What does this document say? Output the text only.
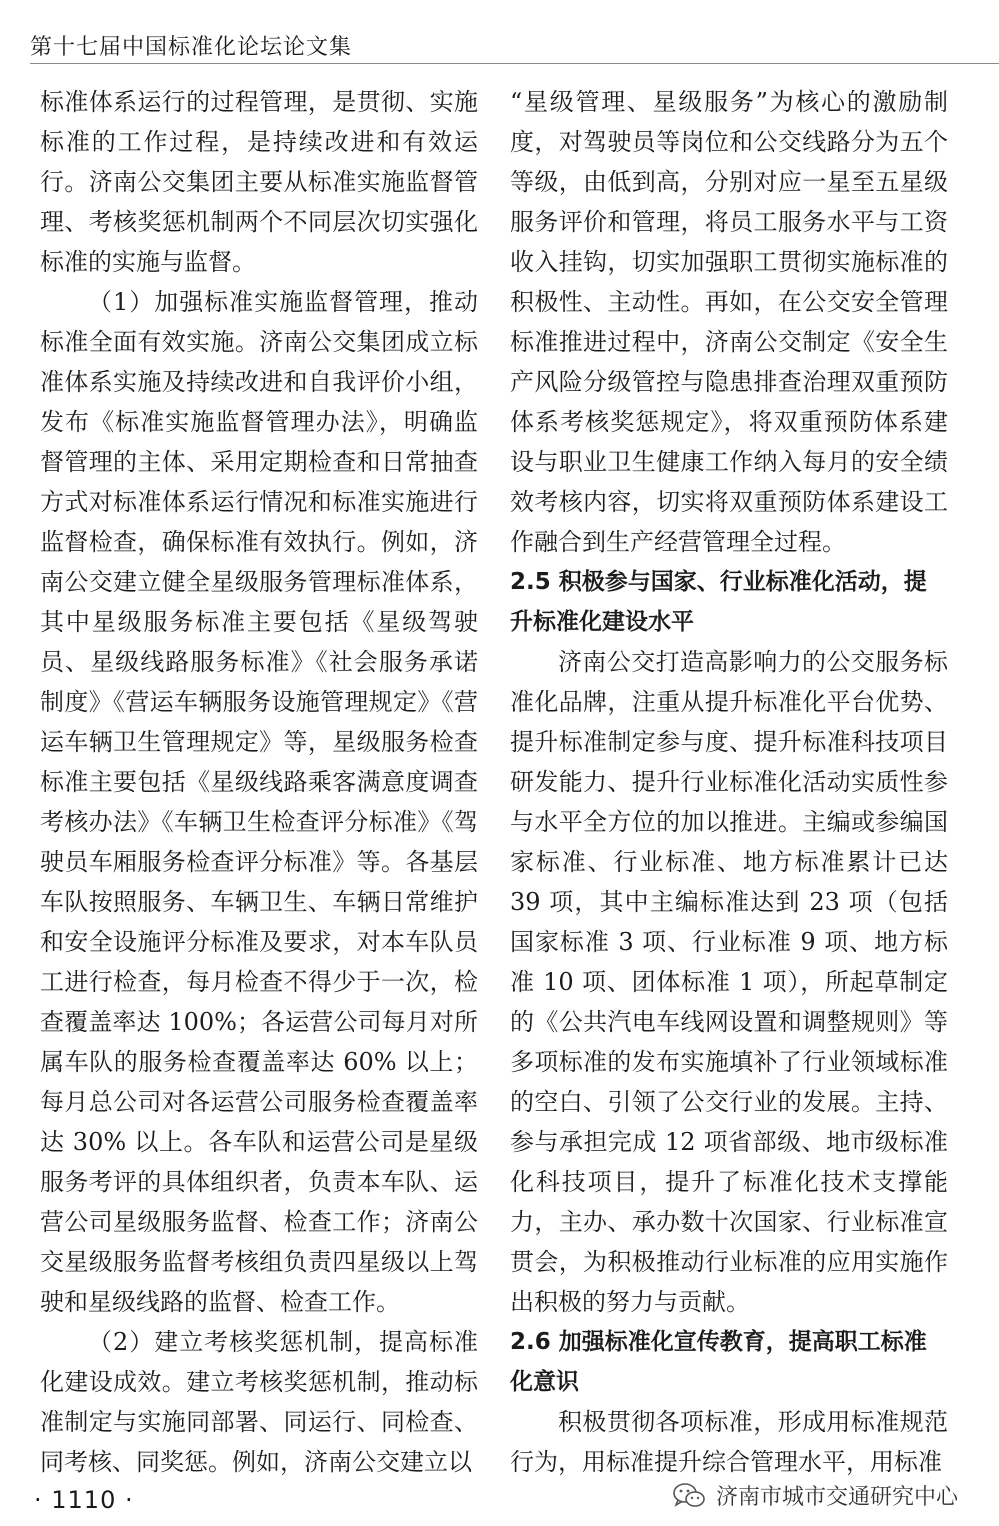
第十七届中国标准化论坛论文集

标准体系运行的过程管理，是贯彻、实施标准的工作过程，是持续改进和有效运行。济南公交集团主要从标准实施监督管理、考核奖惩机制两个不同层次切实强化标准的实施与监督。

（1）加强标准实施监督管理，推动标准全面有效实施。济南公交集团成立标准体系实施及持续改进和自我评价小组，发布《标准实施监督管理办法》，明确监督管理的主体、采用定期检查和日常抽查方式对标准体系运行情况和标准实施进行监督检查，确保标准有效执行。例如，济南公交建立健全星级服务管理标准体系，其中星级服务标准主要包括《星级驾驶员、星级线路服务标准》《社会服务承诺制度》《营运车辆服务设施管理规定》《营运车辆卫生管理规定》等，星级服务检查标准主要包括《星级线路乘客满意度调查考核办法》《车辆卫生检查评分标准》《驾驶员车厢服务检查评分标准》等。各基层车队按照服务、车辆卫生、车辆日常维护和安全设施评分标准及要求，对本车队员工进行检查，每月检查不得少于一次，检查覆盖率达 100%；各运营公司每月对所属车队的服务检查覆盖率达 60% 以上；每月总公司对各运营公司服务检查覆盖率达 30% 以上。各车队和运营公司是星级服务考评的具体组织者，负责本车队、运营公司星级服务监督、检查工作；济南公交星级服务监督考核组负责四星级以上驾驶和星级线路的监督、检查工作。

（2）建立考核奖惩机制，提高标准化建设成效。建立考核奖惩机制，推动标准制定与实施同部署、同运行、同检查、同考核、同奖惩。例如，济南公交建立以

“星级管理、星级服务”为核心的激励制度，对驾驶员等岗位和公交线路分为五个等级，由低到高，分别对应一星至五星级服务评价和管理，将员工服务水平与工资收入挂钩，切实加强职工贯彻实施标准的积极性、主动性。再如，在公交安全管理标准推进过程中，济南公交制定《安全生产风险分级管控与隐患排查治理双重预防体系考核奖惩规定》，将双重预防体系建设与职业卫生健康工作纳入每月的安全绩效考核内容，切实将双重预防体系建设工作融合到生产经营管理全过程。

2.5 积极参与国家、行业标准化活动，提升标准化建设水平

济南公交打造高影响力的公交服务标准化品牌，注重从提升标准化平台优势、提升标准制定参与度、提升标准科技项目研发能力、提升行业标准化活动实质性参与水平全方位的加以推进。主编或参编国家标准、行业标准、地方标准累计已达 39 项，其中主编标准达到 23 项（包括国家标准 3 项、行业标准 9 项、地方标准 10 项、团体标准 1 项），所起草制定的《公共汽电车线网设置和调整规则》等多项标准的发布实施填补了行业领域标准的空白、引领了公交行业的发展。主持、参与承担完成 12 项省部级、地市级标准化科技项目，提升了标准化技术支撑能力，主办、承办数十次国家、行业标准宣贯会，为积极推动行业标准的应用实施作出积极的努力与贡献。

2.6 加强标准化宣传教育，提高职工标准化意识

积极贯彻各项标准，形成用标准规范行为，用标准提升综合管理水平，用标准

· 1110 ·	济南市城市交通研究中心
